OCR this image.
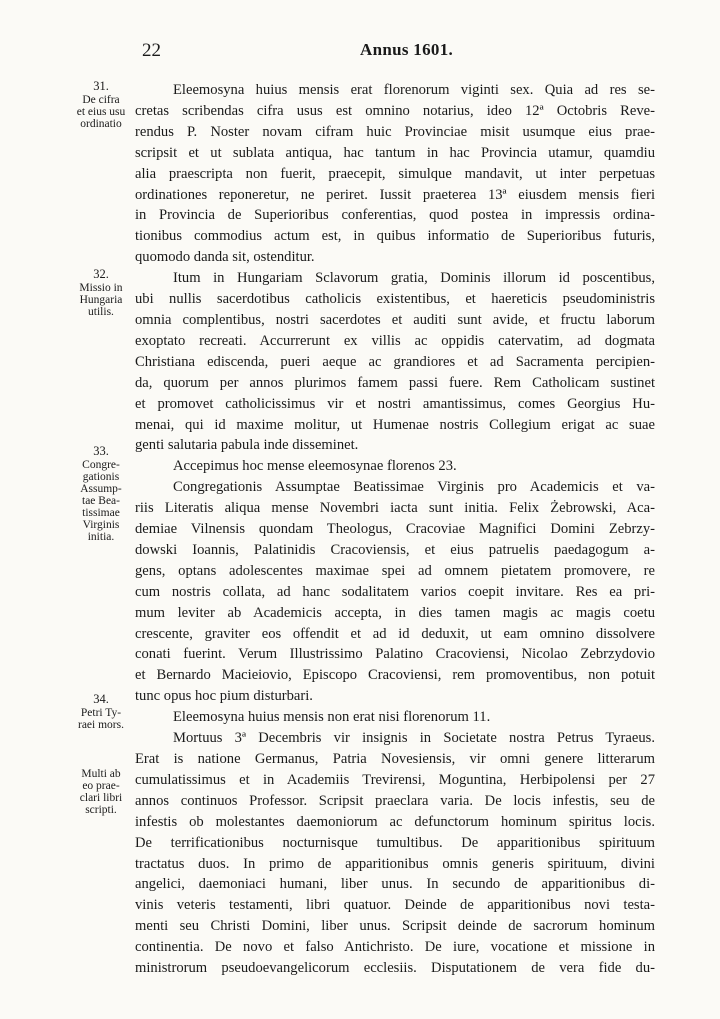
22	Annus 1601.
31.
De cifra
et eius usu
ordinatio
32.
Missio in
Hungaria
utilis.
33.
Congre-
gationis
Assump-
tae Bea-
tissimae
Virginis
initia.
34.
Petri Ty-
raei mors.
Multi ab
eo prae-
clari libri
scripti.
Eleemosyna huius mensis erat florenorum viginti sex. Quia ad res se-
cretas scribendas cifra usus est omnino notarius, ideo 12ª Octobris Reve-
rendus P. Noster novam cifram huic Provinciae misit usumque eius prae-
scripsit et ut sublata antiqua, hac tantum in hac Provincia utamur, quamdiu
alia praescripta non fuerit, praecepit, simulque mandavit, ut inter perpetuas
ordinationes reponeretur, ne periret. Iussit praeterea 13ª eiusdem mensis fieri
in Provincia de Superioribus conferentias, quod postea in impressis ordina-
tionibus commodius actum est, in quibus informatio de Superioribus futuris,
quomodo danda sit, ostenditur.
Itum in Hungariam Sclavorum gratia, Dominis illorum id poscentibus,
ubi nullis sacerdotibus catholicis existentibus, et haereticis pseudoministris
omnia complentibus, nostri sacerdotes et auditi sunt avide, et fructu laborum
exoptato recreati. Accurrerunt ex villis ac oppidis catervatim, ad dogmata
Christiana ediscenda, pueri aeque ac grandiores et ad Sacramenta percipien-
da, quorum per annos plurimos famem passi fuere. Rem Catholicam sustinet
et promovet catholicissimus vir et nostri amantissimus, comes Georgius Hu-
menai, qui id maxime molitur, ut Humenae nostris Collegium erigat ac suae
genti salutaria pabula inde disseminet.
Accepimus hoc mense eleemosynae florenos 23.
Congregationis Assumptae Beatissimae Virginis pro Academicis et va-
riis Literatis aliqua mense Novembri iacta sunt initia. Felix Żebrowski, Aca-
demiae Vilnensis quondam Theologus, Cracoviae Magnifici Domini Zebrzy-
dowski Ioannis, Palatinidis Cracoviensis, et eius patruelis paedagogum a-
gens, optans adolescentes maximae spei ad omnem pietatem promovere, re
cum nostris collata, ad hanc sodalitatem varios coepit invitare. Res ea pri-
mum leviter ab Academicis accepta, in dies tamen magis ac magis coetu
crescente, graviter eos offendit et ad id deduxit, ut eam omnino dissolvere
conati fuerint. Verum Illustrissimo Palatino Cracoviensi, Nicolao Zebrzydovio
et Bernardo Macieiovio, Episcopo Cracoviensi, rem promoventibus, non potuit
tunc opus hoc pium disturbari.
Eleemosyna huius mensis non erat nisi florenorum 11.
Mortuus 3ª Decembris vir insignis in Societate nostra Petrus Tyraeus.
Erat is natione Germanus, Patria Novesiensis, vir omni genere litterarum
cumulatissimus et in Academiis Trevirensi, Moguntina, Herbipolensi per 27
annos continuos Professor. Scripsit praeclara varia. De locis infestis, seu de
infestis ob molestantes daemoniorum ac defunctorum hominum spiritus locis.
De terrificationibus nocturnisque tumultibus. De apparitionibus spirituum
tractatus duos. In primo de apparitionibus omnis generis spirituum, divini
angelici, daemoniaci humani, liber unus. In secundo de apparitionibus di-
vinis veteris testamenti, libri quatuor. Deinde de apparitionibus novi testa-
menti seu Christi Domini, liber unus. Scripsit deinde de sacrorum hominum
continentia. De novo et falso Antichristo. De iure, vocatione et missione in
ministrorum pseudoevangelicorum ecclesiis. Disputationem de vera fide du-
